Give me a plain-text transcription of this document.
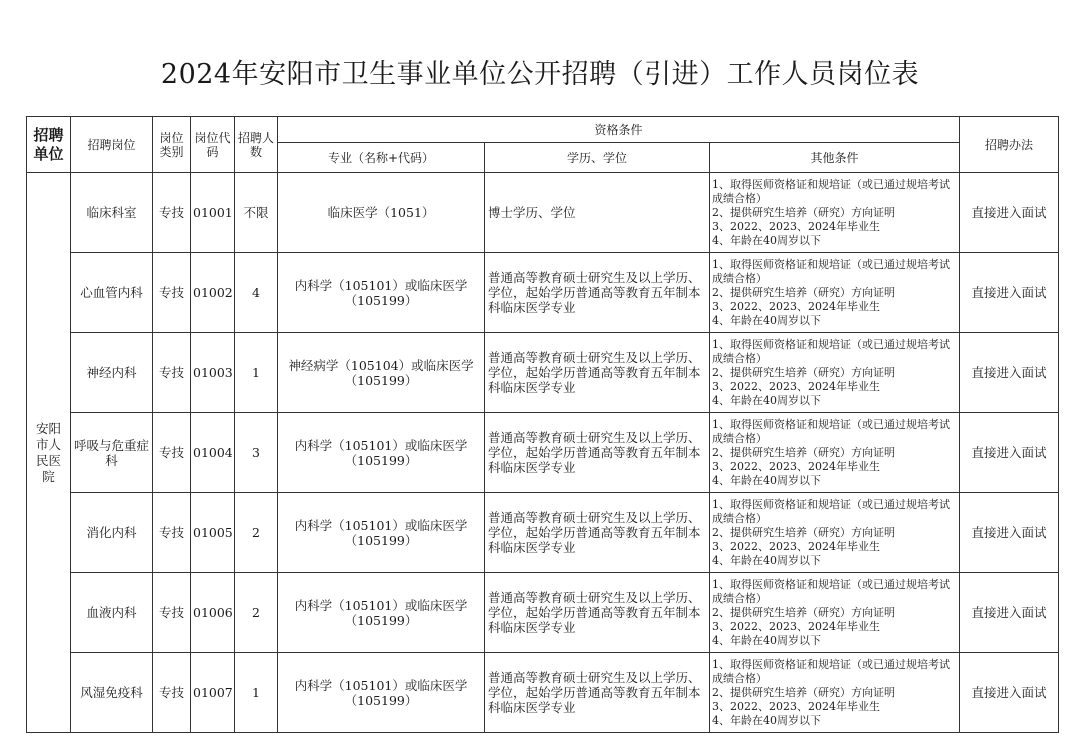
2024年安阳市卫生事业单位公开招聘（引进）工作人员岗位表
招聘单位	招聘岗位	岗位类别	岗位代码	招聘人数	资格条件			招聘办法
					专业（名称+代码）	学历、学位	其他条件	
安阳市人民医院	临床科室	专技	01001	不限	临床医学（1051）	博士学历、学位	1、取得医师资格证和规培证（或已通过规培考试成绩合格）
2、提供研究生培养（研究）方向证明
3、2022、2023、2024年毕业生
4、年龄在40周岁以下	直接进入面试
	心血管内科	专技	01002	4	内科学（105101）或临床医学（105199）	普通高等教育硕士研究生及以上学历、学位，起始学历普通高等教育五年制本科临床医学专业	1、取得医师资格证和规培证（或已通过规培考试成绩合格）
2、提供研究生培养（研究）方向证明
3、2022、2023、2024年毕业生
4、年龄在40周岁以下	直接进入面试
	神经内科	专技	01003	1	神经病学（105104）或临床医学（105199）	普通高等教育硕士研究生及以上学历、学位，起始学历普通高等教育五年制本科临床医学专业	1、取得医师资格证和规培证（或已通过规培考试成绩合格）
2、提供研究生培养（研究）方向证明
3、2022、2023、2024年毕业生
4、年龄在40周岁以下	直接进入面试
	呼吸与危重症科	专技	01004	3	内科学（105101）或临床医学（105199）	普通高等教育硕士研究生及以上学历、学位，起始学历普通高等教育五年制本科临床医学专业	1、取得医师资格证和规培证（或已通过规培考试成绩合格）
2、提供研究生培养（研究）方向证明
3、2022、2023、2024年毕业生
4、年龄在40周岁以下	直接进入面试
	消化内科	专技	01005	2	内科学（105101）或临床医学（105199）	普通高等教育硕士研究生及以上学历、学位，起始学历普通高等教育五年制本科临床医学专业	1、取得医师资格证和规培证（或已通过规培考试成绩合格）
2、提供研究生培养（研究）方向证明
3、2022、2023、2024年毕业生
4、年龄在40周岁以下	直接进入面试
	血液内科	专技	01006	2	内科学（105101）或临床医学（105199）	普通高等教育硕士研究生及以上学历、学位，起始学历普通高等教育五年制本科临床医学专业	1、取得医师资格证和规培证（或已通过规培考试成绩合格）
2、提供研究生培养（研究）方向证明
3、2022、2023、2024年毕业生
4、年龄在40周岁以下	直接进入面试
	风湿免疫科	专技	01007	1	内科学（105101）或临床医学（105199）	普通高等教育硕士研究生及以上学历、学位，起始学历普通高等教育五年制本科临床医学专业	1、取得医师资格证和规培证（或已通过规培考试成绩合格）
2、提供研究生培养（研究）方向证明
3、2022、2023、2024年毕业生
4、年龄在40周岁以下	直接进入面试
